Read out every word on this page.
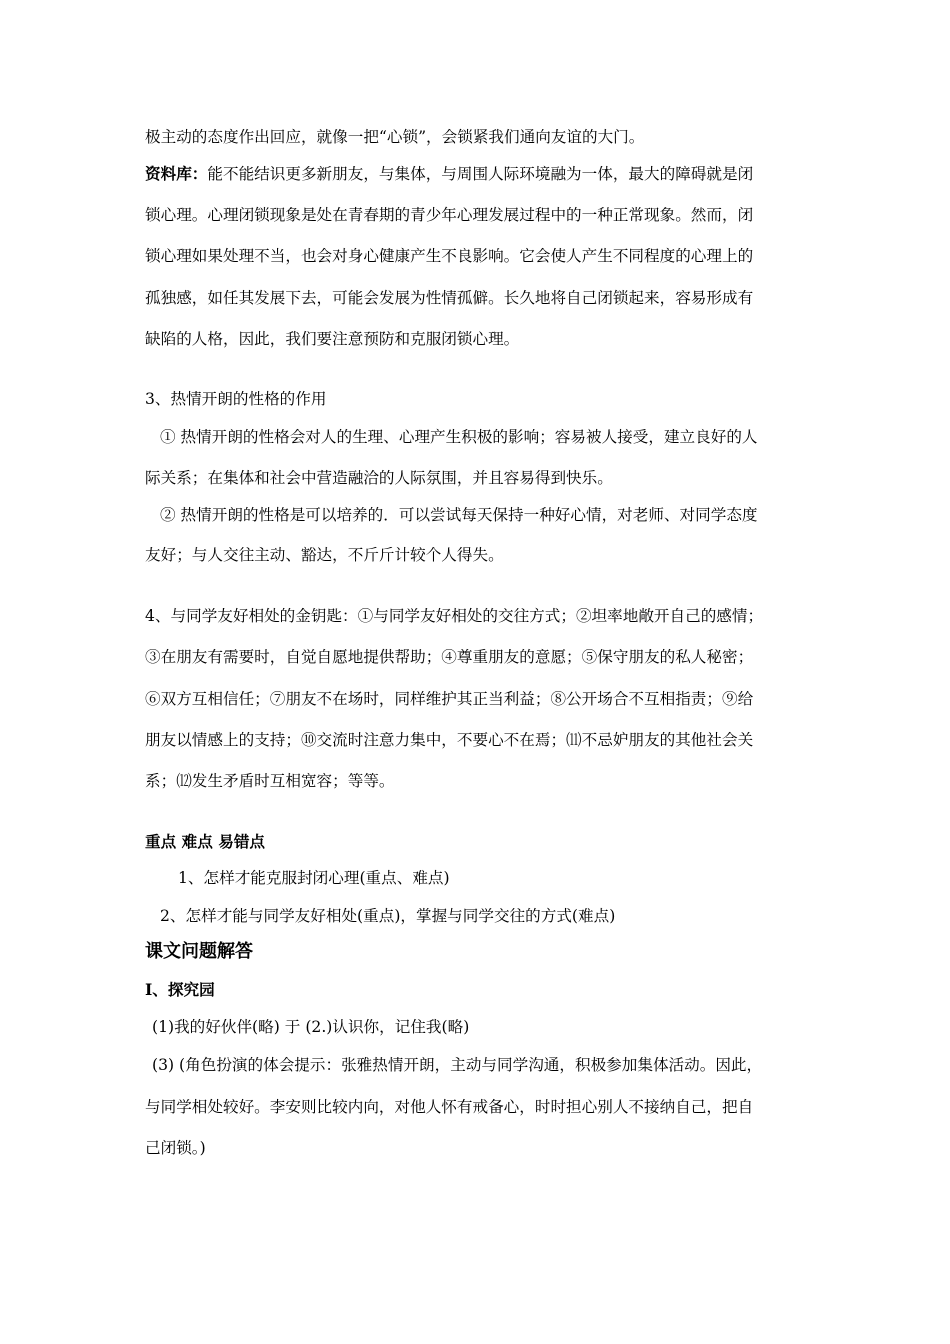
极主动的态度作出回应，就像一把“心锁”，会锁紧我们通向友谊的大门。

资料库：能不能结识更多新朋友，与集体，与周围人际环境融为一体，最大的障碍就是闭

锁心理。心理闭锁现象是处在青春期的青少年心理发展过程中的一种正常现象。然而，闭

锁心理如果处理不当，也会对身心健康产生不良影响。它会使人产生不同程度的心理上的

孤独感，如任其发展下去，可能会发展为性情孤僻。长久地将自己闭锁起来，容易形成有

缺陷的人格，因此，我们要注意预防和克服闭锁心理。

3、热情开朗的性格的作用

① 热情开朗的性格会对人的生理、心理产生积极的影响；容易被人接受，建立良好的人

际关系；在集体和社会中营造融洽的人际氛围，并且容易得到快乐。

② 热情开朗的性格是可以培养的．可以尝试每天保持一种好心情，对老师、对同学态度

友好；与人交往主动、豁达，不斤斤计较个人得失。

4、与同学友好相处的金钥匙：①与同学友好相处的交往方式；②坦率地敞开自己的感情；

③在朋友有需要时，自觉自愿地提供帮助；④尊重朋友的意愿；⑤保守朋友的私人秘密；

⑥双方互相信任；⑦朋友不在场时，同样维护其正当利益；⑧公开场合不互相指责；⑨给

朋友以情感上的支持；⑩交流时注意力集中，不要心不在焉；⑾不忌妒朋友的其他社会关

系；⑿发生矛盾时互相宽容；等等。

重点 难点 易错点

1、怎样才能克服封闭心理(重点、难点)

2、怎样才能与同学友好相处(重点)，掌握与同学交往的方式(难点)

课文问题解答

Ⅰ、探究园

(1)我的好伙伴(略) 于 (2.)认识你，记住我(略)

(3) (角色扮演的体会提示：张雅热情开朗，主动与同学沟通，积极参加集体活动。因此，

与同学相处较好。李安则比较内向，对他人怀有戒备心，时时担心别人不接纳自己，把自

己闭锁。)
